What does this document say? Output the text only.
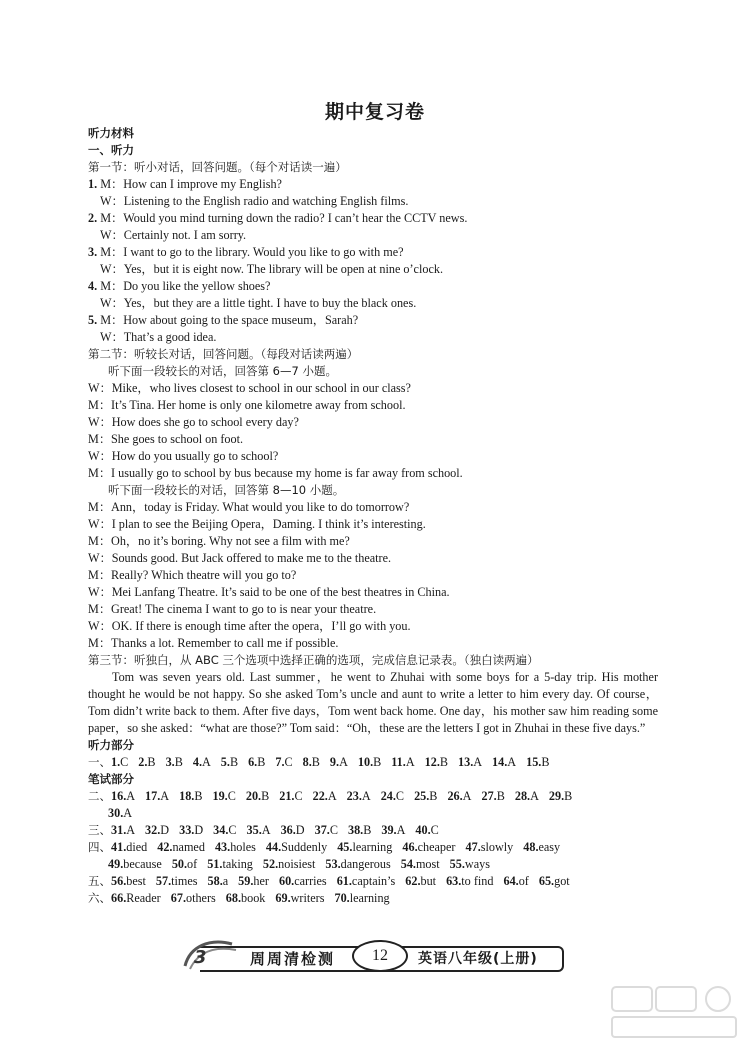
期中复习卷
听力材料
一、听力
第一节：听小对话，回答问题。（每个对话读一遍）
1. M：How can I improve my English?
W：Listening to the English radio and watching English films.
2. M：Would you mind turning down the radio? I can’t hear the CCTV news.
W：Certainly not. I am sorry.
3. M：I want to go to the library. Would you like to go with me?
W：Yes，but it is eight now. The library will be open at nine o’clock.
4. M：Do you like the yellow shoes?
W：Yes，but they are a little tight. I have to buy the black ones.
5. M：How about going to the space museum，Sarah?
W：That’s a good idea.
第二节：听较长对话，回答问题。（每段对话读两遍）
听下面一段较长的对话，回答第 6—7 小题。
W：Mike，who lives closest to school in our school in our class?
M：It’s Tina. Her home is only one kilometre away from school.
W：How does she go to school every day?
M：She goes to school on foot.
W：How do you usually go to school?
M：I usually go to school by bus because my home is far away from school.
听下面一段较长的对话，回答第 8—10 小题。
M：Ann，today is Friday. What would you like to do tomorrow?
W：I plan to see the Beijing Opera，Daming. I think it’s interesting.
M：Oh，no it’s boring. Why not see a film with me?
W：Sounds good. But Jack offered to make me to the theatre.
M：Really? Which theatre will you go to?
W：Mei Lanfang Theatre. It’s said to be one of the best theatres in China.
M：Great! The cinema I want to go to is near your theatre.
W：OK. If there is enough time after the opera，I’ll go with you.
M：Thanks a lot. Remember to call me if possible.
第三节：听独白，从 ABC 三个选项中选择正确的选项，完成信息记录表。（独白读两遍）
Tom was seven years old. Last summer，he went to Zhuhai with some boys for a 5-day trip. His mother thought he would be not happy. So she asked Tom’s uncle and aunt to write a letter to him every day. Of course，Tom didn’t write back to them. After five days，Tom went back home. One day，his mother saw him reading some paper，so she asked：“what are those?” Tom said：“Oh，these are the letters I got in Zhuhai in these five days.”
听力部分
一、1.C 2.B 3.B 4.A 5.B 6.B 7.C 8.B 9.A 10.B 11.A 12.B 13.A 14.A 15.B
笔试部分
二、16.A 17.A 18.B 19.C 20.B 21.C 22.A 23.A 24.C 25.B 26.A 27.B 28.A 29.B
30.A
三、31.A 32.D 33.D 34.C 35.A 36.D 37.C 38.B 39.A 40.C
四、41.died 42.named 43.holes 44.Suddenly 45.learning 46.cheaper 47.slowly 48.easy
49.because 50.of 51.taking 52.noisiest 53.dangerous 54.most 55.ways
五、56.best 57.times 58.a 59.her 60.carries 61.captain’s 62.but 63.to find 64.of 65.got
六、66.Reader 67.others 68.book 69.writers 70.learning
3	周周清检测	12	英语八年级(上册)
